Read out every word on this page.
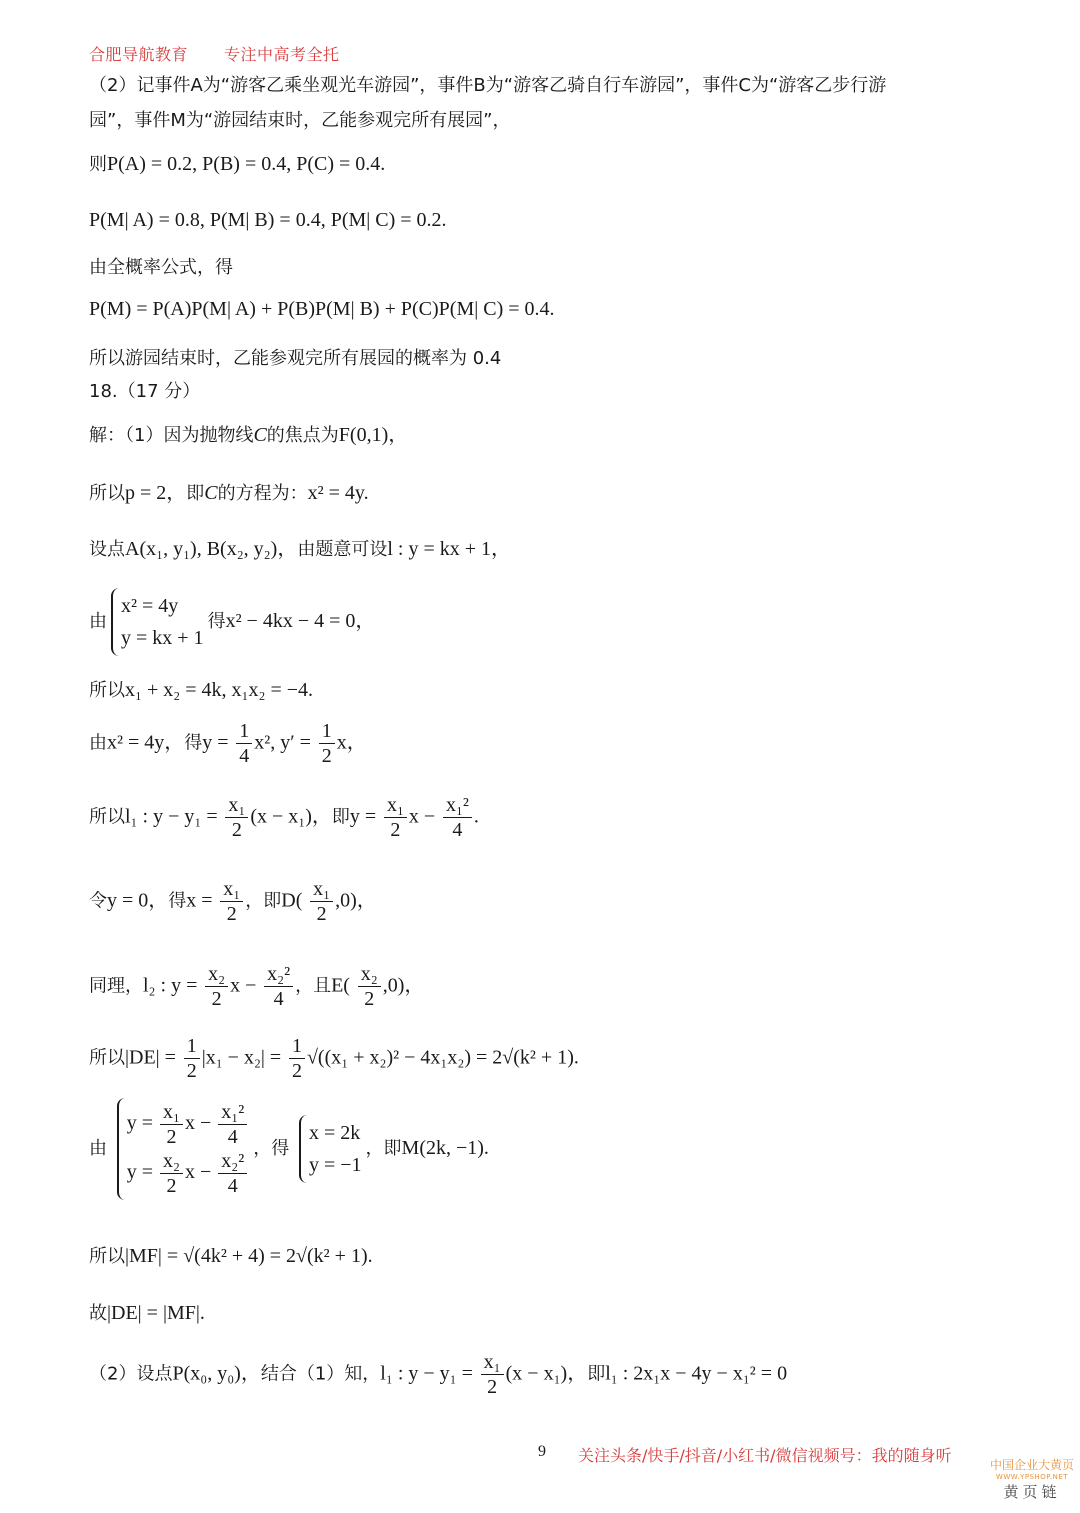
合肥导航教育 专注中高考全托
（2）记事件A为“游客乙乘坐观光车游园”，事件B为“游客乙骑自行车游园”，事件C为“游客乙步行游
园”，事件M为“游园结束时，乙能参观完所有展园”，
则P(A) = 0.2, P(B) = 0.4, P(C) = 0.4.
P(M| A) = 0.8, P(M| B) = 0.4, P(M| C) = 0.2.
由全概率公式，得
P(M) = P(A)P(M| A) + P(B)P(M| B) + P(C)P(M| C) = 0.4.
所以游园结束时，乙能参观完所有展园的概率为 0.4
18.（17 分）
解：（1）因为抛物线C的焦点为F(0,1)，
所以p = 2，即C的方程为：x² = 4y.
设点A(x₁, y₁), B(x₂, y₂)，由题意可设l : y = kx + 1，
由
x² = 4y
y = kx + 1
得x² − 4kx − 4 = 0，
所以x₁ + x₂ = 4k, x₁x₂ = −4.
由x² = 4y，得$y = \frac{1}{4} x^2$, $y' = \frac{1}{2}$ x，
所以l₁ : $y - y_1 = \frac{\text{x₁}}{2} (x - x_1)$，即$y = \frac{\text{x₁}}{2}$ $x - \frac{\text{x₁²}}{4}$ .
令y = 0，得$x = \frac{\text{x₁}}{2}$ ，即$D( \frac{\text{x₁}}{2} ,0)$，
同理，l₂ : $y = \frac{\text{x₂}}{2}$ $x - \frac{\text{x₂²}}{4}$ ，且$E( \frac{\text{x₂}}{2} ,0)$，
所以$|DE| = \frac{1}{2} |x_1 - x_2| = \frac{1}{2} √((x_1 + x_2)^2 - 4x_1x_2) = 2√(k^2 + 1)$.
由
$y = \frac{\text{x₁}}{2}$ $x - \frac{\text{x₁²}}{4}$
$y = \frac{\text{x₂}}{2}$ $x - \frac{\text{x₂²}}{4}$
，得
x = 2k
y = −1
，即M(2k, −1).
所以|MF| = √(4k² + 4) = 2√(k² + 1).
故|DE| = |MF|.
（2）设点P(x₀, y₀)，结合（1）知，l₁ : $y - y_1 = \frac{\text{x₁}}{2} (x - x_1)$，即l₁ : 2x₁x − 4y − x₁² = 0
9 关注头条/快手/抖音/小红书/微信视频号：我的随身听	中国企业大黄页
WWW.YPSHOP.NET
黄页链
